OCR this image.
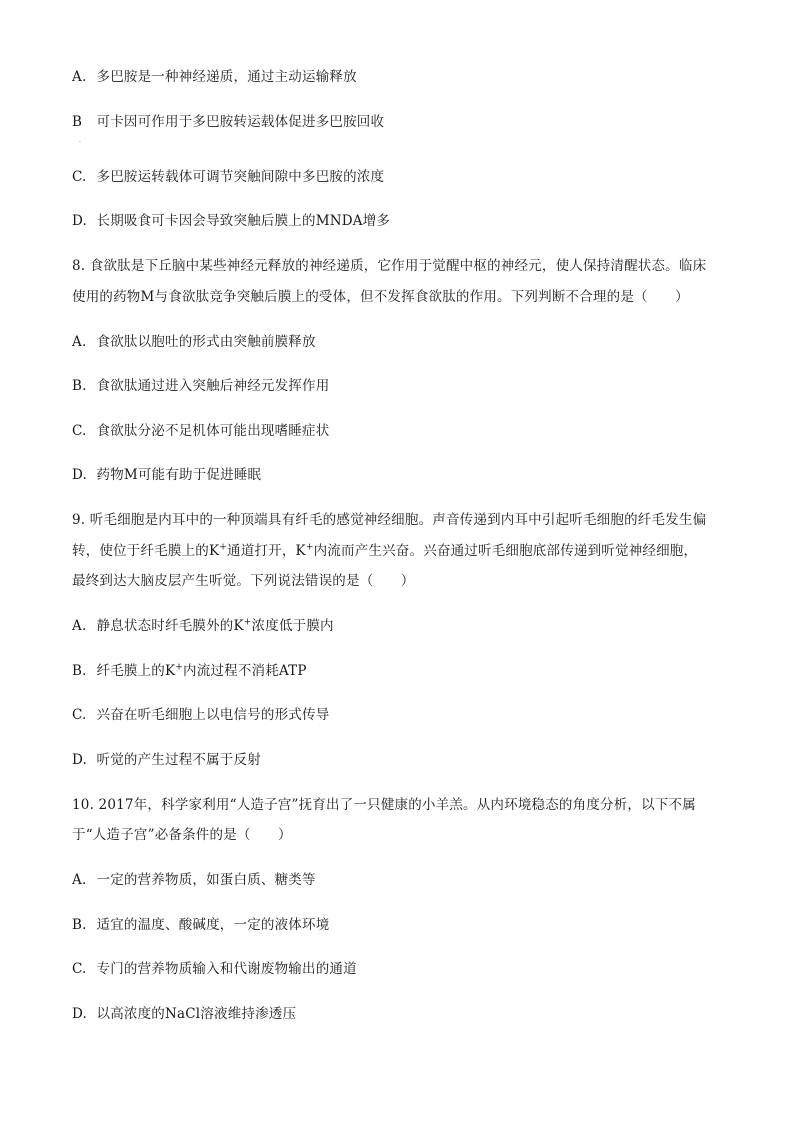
A. 多巴胺是一种神经递质，通过主动运输释放
B 可卡因可作用于多巴胺转运载体促进多巴胺回收
·
C. 多巴胺运转载体可调节突触间隙中多巴胺的浓度
D. 长期吸食可卡因会导致突触后膜上的MNDA增多
8. 食欲肽是下丘脑中某些神经元释放的神经递质，它作用于觉醒中枢的神经元，使人保持清醒状态。临床
使用的药物M与食欲肽竞争突触后膜上的受体，但不发挥食欲肽的作用。下列判断不合理的是（　　）
A. 食欲肽以胞吐的形式由突触前膜释放
B. 食欲肽通过进入突触后神经元发挥作用
C. 食欲肽分泌不足机体可能出现嗜睡症状
D. 药物M可能有助于促进睡眠
9. 听毛细胞是内耳中的一种顶端具有纤毛的感觉神经细胞。声音传递到内耳中引起听毛细胞的纤毛发生偏
转，使位于纤毛膜上的K+通道打开，K+内流而产生兴奋。兴奋通过听毛细胞底部传递到听觉神经细胞，
最终到达大脑皮层产生听觉。下列说法错误的是（　　）
A. 静息状态时纤毛膜外的K+浓度低于膜内
B. 纤毛膜上的K+内流过程不消耗ATP
C. 兴奋在听毛细胞上以电信号的形式传导
D. 听觉的产生过程不属于反射
10. 2017年，科学家利用“人造子宫”抚育出了一只健康的小羊羔。从内环境稳态的角度分析，以下不属
于“人造子宫”必备条件的是（　　）
A. 一定的营养物质，如蛋白质、糖类等
B. 适宜的温度、酸碱度，一定的液体环境
C. 专门的营养物质输入和代谢废物输出的通道
D. 以高浓度的NaCl溶液维持渗透压
